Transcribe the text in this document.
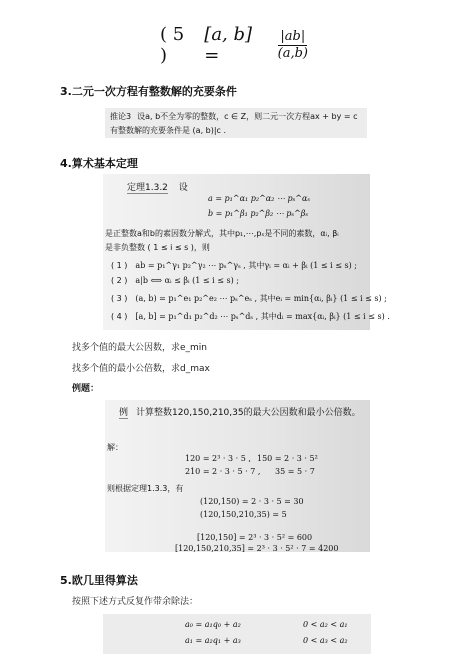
( 5 )
[a, b] =	$\frac{|ab|}{(a,b)}$
3.二元一次方程有整数解的充要条件
推论3 设a, b不全为零的整数，c ∈ Z，则二元一次方程ax + by = c
有整数解的充要条件是 (a, b)|c .
4.算术基本定理
定理1.3.2 设
a = p₁^α₁ p₂^α₂ ⋯ pₛ^αₛ
b = p₁^β₁ p₂^β₂ ⋯ pₛ^βₛ
是正整数a和b的素因数分解式，其中p₁,⋯,pₛ是不同的素数，αᵢ, βᵢ
是非负整数 ( 1 ≤ i ≤ s )，则
( 1 ) ab = p₁^γ₁ p₂^γ₂ ⋯ pₛ^γₛ , 其中γᵢ = αᵢ + βᵢ (1 ≤ i ≤ s) ;
( 2 ) a|b ⟺ αᵢ ≤ βᵢ (1 ≤ i ≤ s) ;
( 3 ) (a, b) = p₁^e₁ p₂^e₂ ⋯ pₛ^eₛ , 其中eᵢ = min{αᵢ, βᵢ} (1 ≤ i ≤ s) ;
( 4 ) [a, b] = p₁^d₁ p₂^d₂ ⋯ pₛ^dₛ , 其中dᵢ = max{αᵢ, βᵢ} (1 ≤ i ≤ s) .
找多个值的最大公因数，求e_min
找多个值的最小公倍数，求d_max
例题：
例 计算整数120,150,210,35的最大公因数和最小公倍数。
解：
120 = 2³ · 3 · 5 , 150 = 2 · 3 · 5²
210 = 2 · 3 · 5 · 7 , 35 = 5 · 7
则根据定理1.3.3，有
(120,150) = 2 · 3 · 5 = 30
(120,150,210,35) = 5
[120,150] = 2³ · 3 · 5² = 600
[120,150,210,35] = 2³ · 3 · 5² · 7 = 4200
5.欧几里得算法
按照下述方式反复作带余除法：
a₀ = a₁q₀ + a₂	0 < a₂ < a₁
a₁ = a₂q₁ + a₃	0 < a₃ < a₂
